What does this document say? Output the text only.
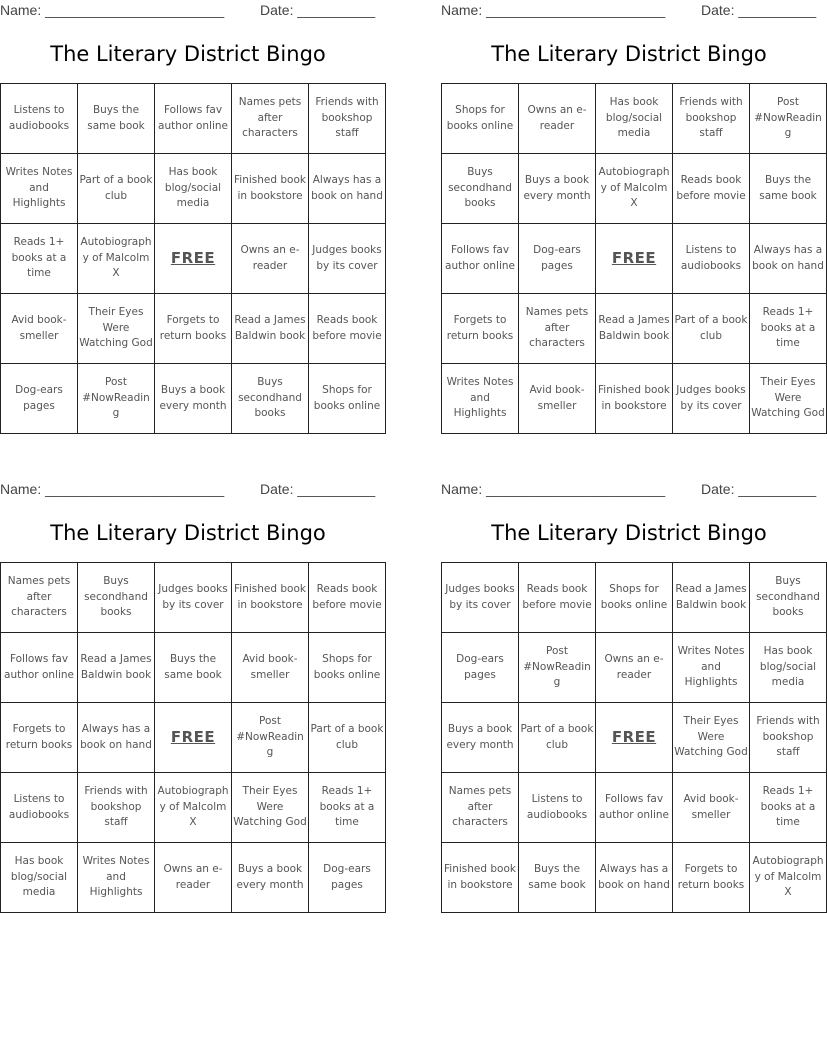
Name: _______________________	Date: __________
The Literary District Bingo
Listens to audiobooks	Buys the same book	Follows fav author online	Names pets after characters	Friends with bookshop staff
Writes Notes and Highlights	Part of a book club	Has book blog/social media	Finished book in bookstore	Always has a book on hand
Reads 1+ books at a time	Autobiography of Malcolm X	FREE	Owns an e-reader	Judges books by its cover
Avid book-smeller	Their Eyes Were Watching God	Forgets to return books	Read a James Baldwin book	Reads book before movie
Dog-ears pages	Post #NowReading	Buys a book every month	Buys secondhand books	Shops for books online
Name: _______________________	Date: __________
The Literary District Bingo
Shops for books online	Owns an e-reader	Has book blog/social media	Friends with bookshop staff	Post #NowReading
Buys secondhand books	Buys a book every month	Autobiography of Malcolm X	Reads book before movie	Buys the same book
Follows fav author online	Dog-ears pages	FREE	Listens to audiobooks	Always has a book on hand
Forgets to return books	Names pets after characters	Read a James Baldwin book	Part of a book club	Reads 1+ books at a time
Writes Notes and Highlights	Avid book-smeller	Finished book in bookstore	Judges books by its cover	Their Eyes Were Watching God
Name: _______________________	Date: __________
The Literary District Bingo
Names pets after characters	Buys secondhand books	Judges books by its cover	Finished book in bookstore	Reads book before movie
Follows fav author online	Read a James Baldwin book	Buys the same book	Avid book-smeller	Shops for books online
Forgets to return books	Always has a book on hand	FREE	Post #NowReading	Part of a book club
Listens to audiobooks	Friends with bookshop staff	Autobiography of Malcolm X	Their Eyes Were Watching God	Reads 1+ books at a time
Has book blog/social media	Writes Notes and Highlights	Owns an e-reader	Buys a book every month	Dog-ears pages
Name: _______________________	Date: __________
The Literary District Bingo
Judges books by its cover	Reads book before movie	Shops for books online	Read a James Baldwin book	Buys secondhand books
Dog-ears pages	Post #NowReading	Owns an e-reader	Writes Notes and Highlights	Has book blog/social media
Buys a book every month	Part of a book club	FREE	Their Eyes Were Watching God	Friends with bookshop staff
Names pets after characters	Listens to audiobooks	Follows fav author online	Avid book-smeller	Reads 1+ books at a time
Finished book in bookstore	Buys the same book	Always has a book on hand	Forgets to return books	Autobiography of Malcolm X
